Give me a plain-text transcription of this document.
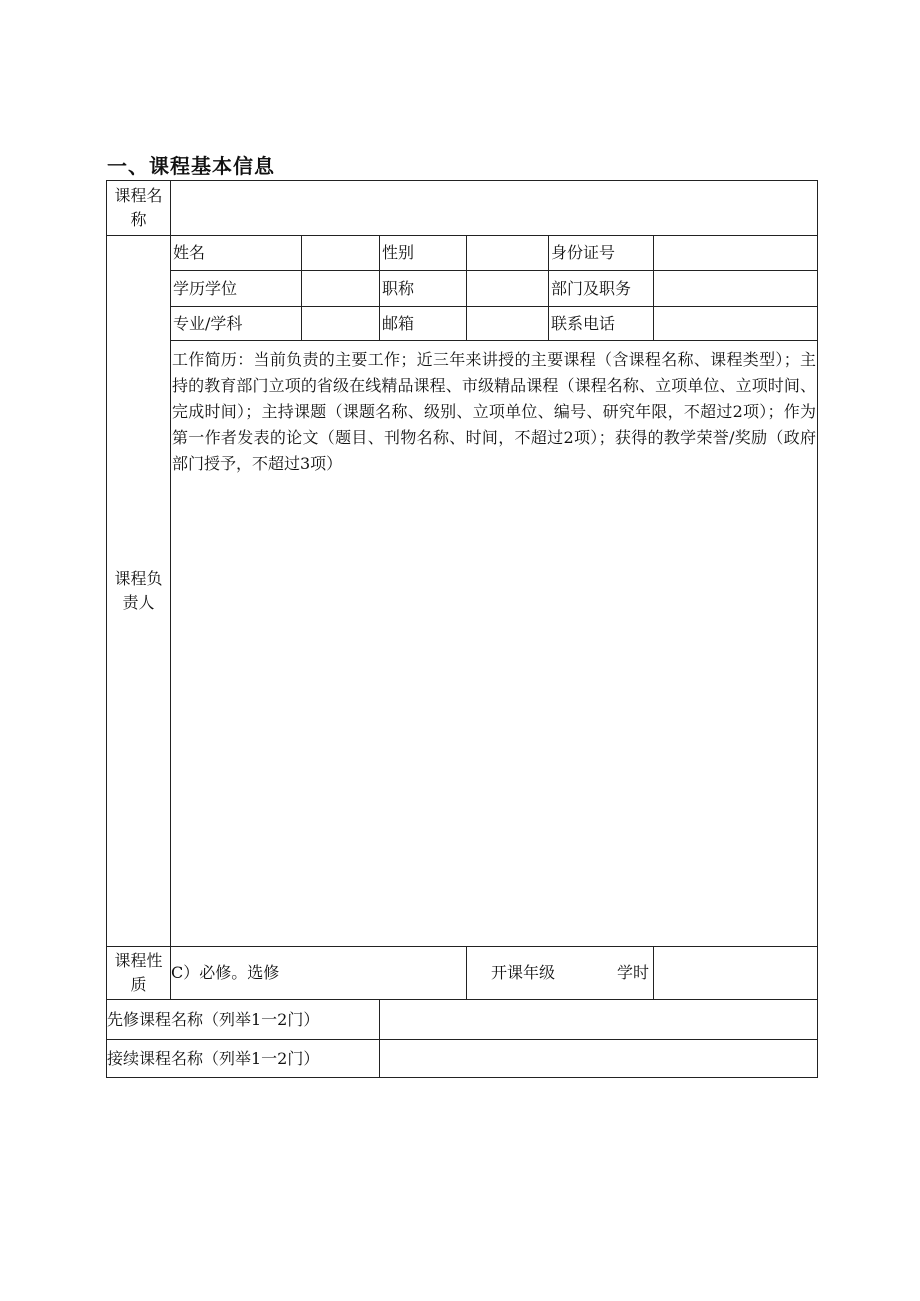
一、课程基本信息
课程名称						
课程负责人	姓名		性别		身份证号	
	学历学位		职称		部门及职务	
	专业/学科		邮箱		联系电话	
	工作简历：当前负责的主要工作；近三年来讲授的主要课程（含课程名称、课程类型）；主持的教育部门立项的省级在线精品课程、市级精品课程（课程名称、立项单位、立项时间、完成时间）；主持课题（课题名称、级别、立项单位、编号、研究年限，不超过2项）；作为第一作者发表的论文（题目、刊物名称、时间，不超过2项）；获得的教学荣誉/奖励（政府部门授予，不超过3项）					
课程性质	C）必修。选修			开课年级 学时		

先修课程名称（列举1一2门）						
接续课程名称（列举1一2门）						
